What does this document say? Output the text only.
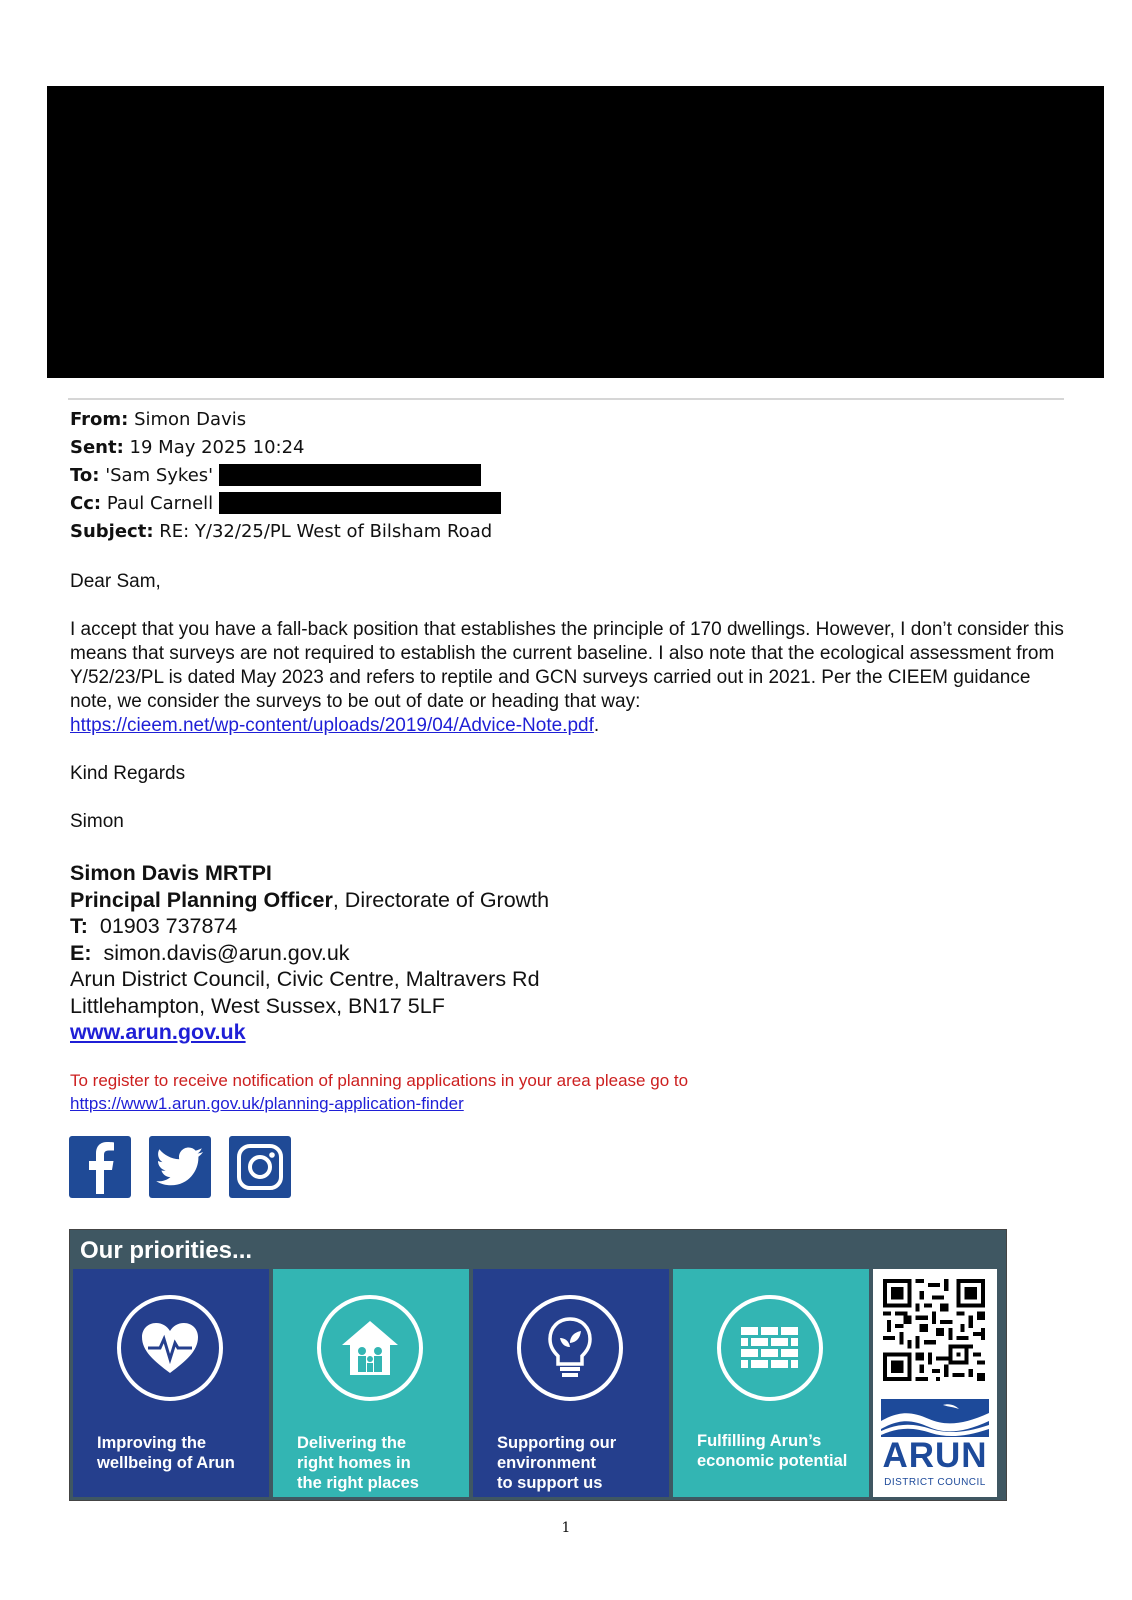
From: Simon Davis
Sent: 19 May 2025 10:24
To: 'Sam Sykes'
Cc: Paul Carnell
Subject: RE: Y/32/25/PL West of Bilsham Road

Dear Sam,

I accept that you have a fall-back position that establishes the principle of 170 dwellings. However, I don’t consider this means that surveys are not required to establish the current baseline. I also note that the ecological assessment from Y/52/23/PL is dated May 2023 and refers to reptile and GCN surveys carried out in 2021. Per the CIEEM guidance note, we consider the surveys to be out of date or heading that way:
https://cieem.net/wp-content/uploads/2019/04/Advice-Note.pdf.

Kind Regards

Simon

Simon Davis MRTPI
Principal Planning Officer, Directorate of Growth
T: 01903 737874
E: simon.davis@arun.gov.uk
Arun District Council, Civic Centre, Maltravers Rd
Littlehampton, West Sussex, BN17 5LF
www.arun.gov.uk
To register to receive notification of planning applications in your area please go to
https://www1.arun.gov.uk/planning-application-finder
Our priorities...
Improving the
wellbeing of Arun
Delivering the
right homes in
the right places
Supporting our
environment
to support us
Fulfilling Arun’s
economic potential	ARUN
DISTRICT COUNCIL
1
